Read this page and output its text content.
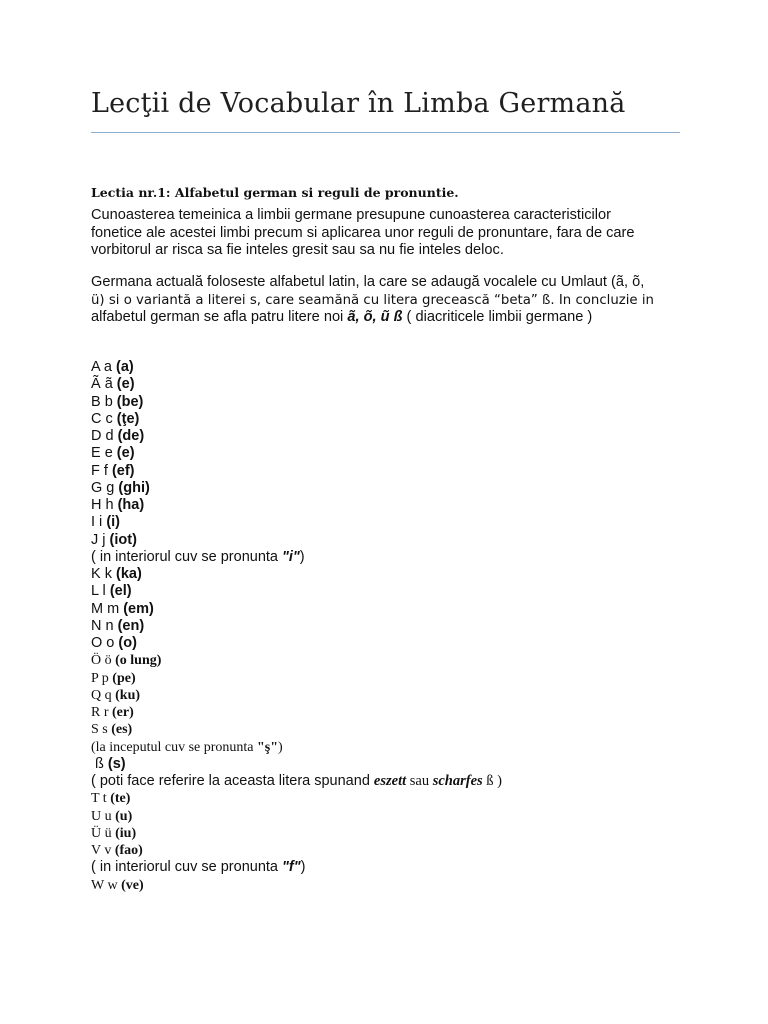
Lecţii de Vocabular în Limba Germană
Lectia nr.1: Alfabetul german si reguli de pronuntie.

Cunoasterea temeinica a limbii germane presupune cunoasterea caracteristicilor

fonetice ale acestei limbi precum si aplicarea unor reguli de pronuntare, fara de care

vorbitorul ar risca sa fie inteles gresit sau sa nu fie inteles deloc.

Germana actuală foloseste alfabetul latin, la care se adaugă vocalele cu Umlaut (ã, õ,

ü) si o variantă a literei s, care seamănă cu litera grecească “beta” ß. In concluzie in

alfabetul german se afla patru litere noi ã, õ, ũ ß ( diacriticele limbii germane )

A a (a)
Ã ã (e)
B b (be)
C c (ţe)
D d (de)
E e (e)
F f (ef)
G g (ghi)
H h (ha)
I i (i)
J j (iot)
( in interiorul cuv se pronunta "i")
K k (ka)
L l (el)
M m (em)
N n (en)
O o (o)
Ö ö (o lung)
P p (pe)
Q q (ku)
R r (er)
S s (es)
(la inceputul cuv se pronunta "ş")
ß (s)
( poti face referire la aceasta litera spunand eszett sau scharfes ß )
T t (te)
U u (u)
Ü ü (iu)
V v (fao)
( in interiorul cuv se pronunta "f")
W w (ve)
